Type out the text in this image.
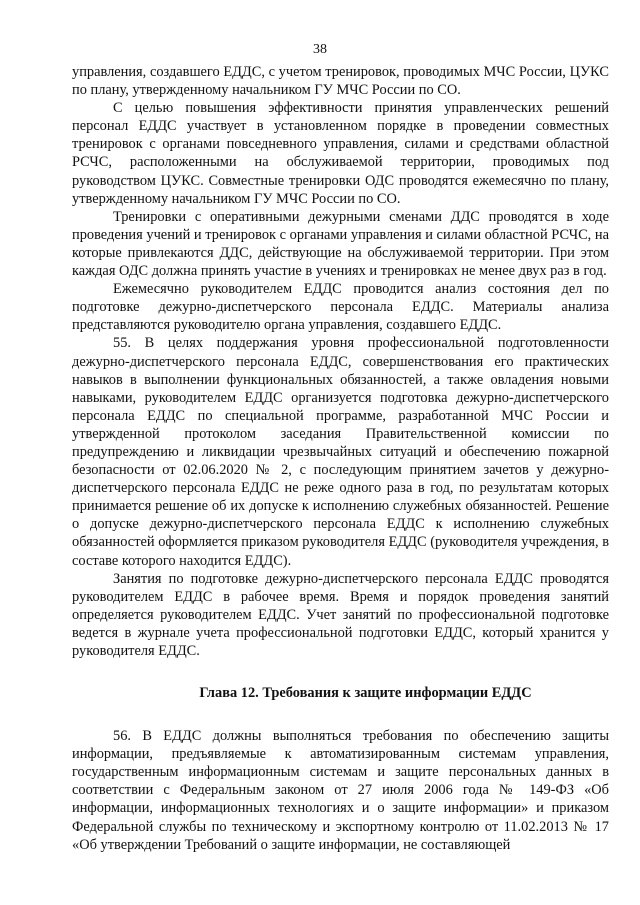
38

управления, создавшего ЕДДС, с учетом тренировок, проводимых МЧС России, ЦУКС по плану, утвержденному начальником ГУ МЧС России по СО.

С целью повышения эффективности принятия управленческих решений персонал ЕДДС участвует в установленном порядке в проведении совместных тренировок с органами повседневного управления, силами и средствами областной РСЧС, расположенными на обслуживаемой территории, проводимых под руководством ЦУКС. Совместные тренировки ОДС проводятся ежемесячно по плану, утвержденному начальником ГУ МЧС России по СО.

Тренировки с оперативными дежурными сменами ДДС проводятся в ходе проведения учений и тренировок с органами управления и силами областной РСЧС, на которые привлекаются ДДС, действующие на обслуживаемой территории. При этом каждая ОДС должна принять участие в учениях и тренировках не менее двух раз в год.

Ежемесячно руководителем ЕДДС проводится анализ состояния дел по подготовке дежурно-диспетчерского персонала ЕДДС. Материалы анализа представляются руководителю органа управления, создавшего ЕДДС.

55. В целях поддержания уровня профессиональной подготовленности дежурно-диспетчерского персонала ЕДДС, совершенствования его практических навыков в выполнении функциональных обязанностей, а также овладения новыми навыками, руководителем ЕДДС организуется подготовка дежурно-диспетчерского персонала ЕДДС по специальной программе, разработанной МЧС России и утвержденной протоколом заседания Правительственной комиссии по предупреждению и ликвидации чрезвычайных ситуаций и обеспечению пожарной безопасности от 02.06.2020 № 2, с последующим принятием зачетов у дежурно-диспетчерского персонала ЕДДС не реже одного раза в год, по результатам которых принимается решение об их допуске к исполнению служебных обязанностей. Решение о допуске дежурно-диспетчерского персонала ЕДДС к исполнению служебных обязанностей оформляется приказом руководителя ЕДДС (руководителя учреждения, в составе которого находится ЕДДС).

Занятия по подготовке дежурно-диспетчерского персонала ЕДДС проводятся руководителем ЕДДС в рабочее время. Время и порядок проведения занятий определяется руководителем ЕДДС. Учет занятий по профессиональной подготовке ведется в журнале учета профессиональной подготовки ЕДДС, который хранится у руководителя ЕДДС.

Глава 12. Требования к защите информации ЕДДС

56. В ЕДДС должны выполняться требования по обеспечению защиты информации, предъявляемые к автоматизированным системам управления, государственным информационным системам и защите персональных данных в соответствии с Федеральным законом от 27 июля 2006 года № 149-ФЗ «Об информации, информационных технологиях и о защите информации» и приказом Федеральной службы по техническому и экспортному контролю от 11.02.2013 № 17 «Об утверждении Требований о защите информации, не составляющей
